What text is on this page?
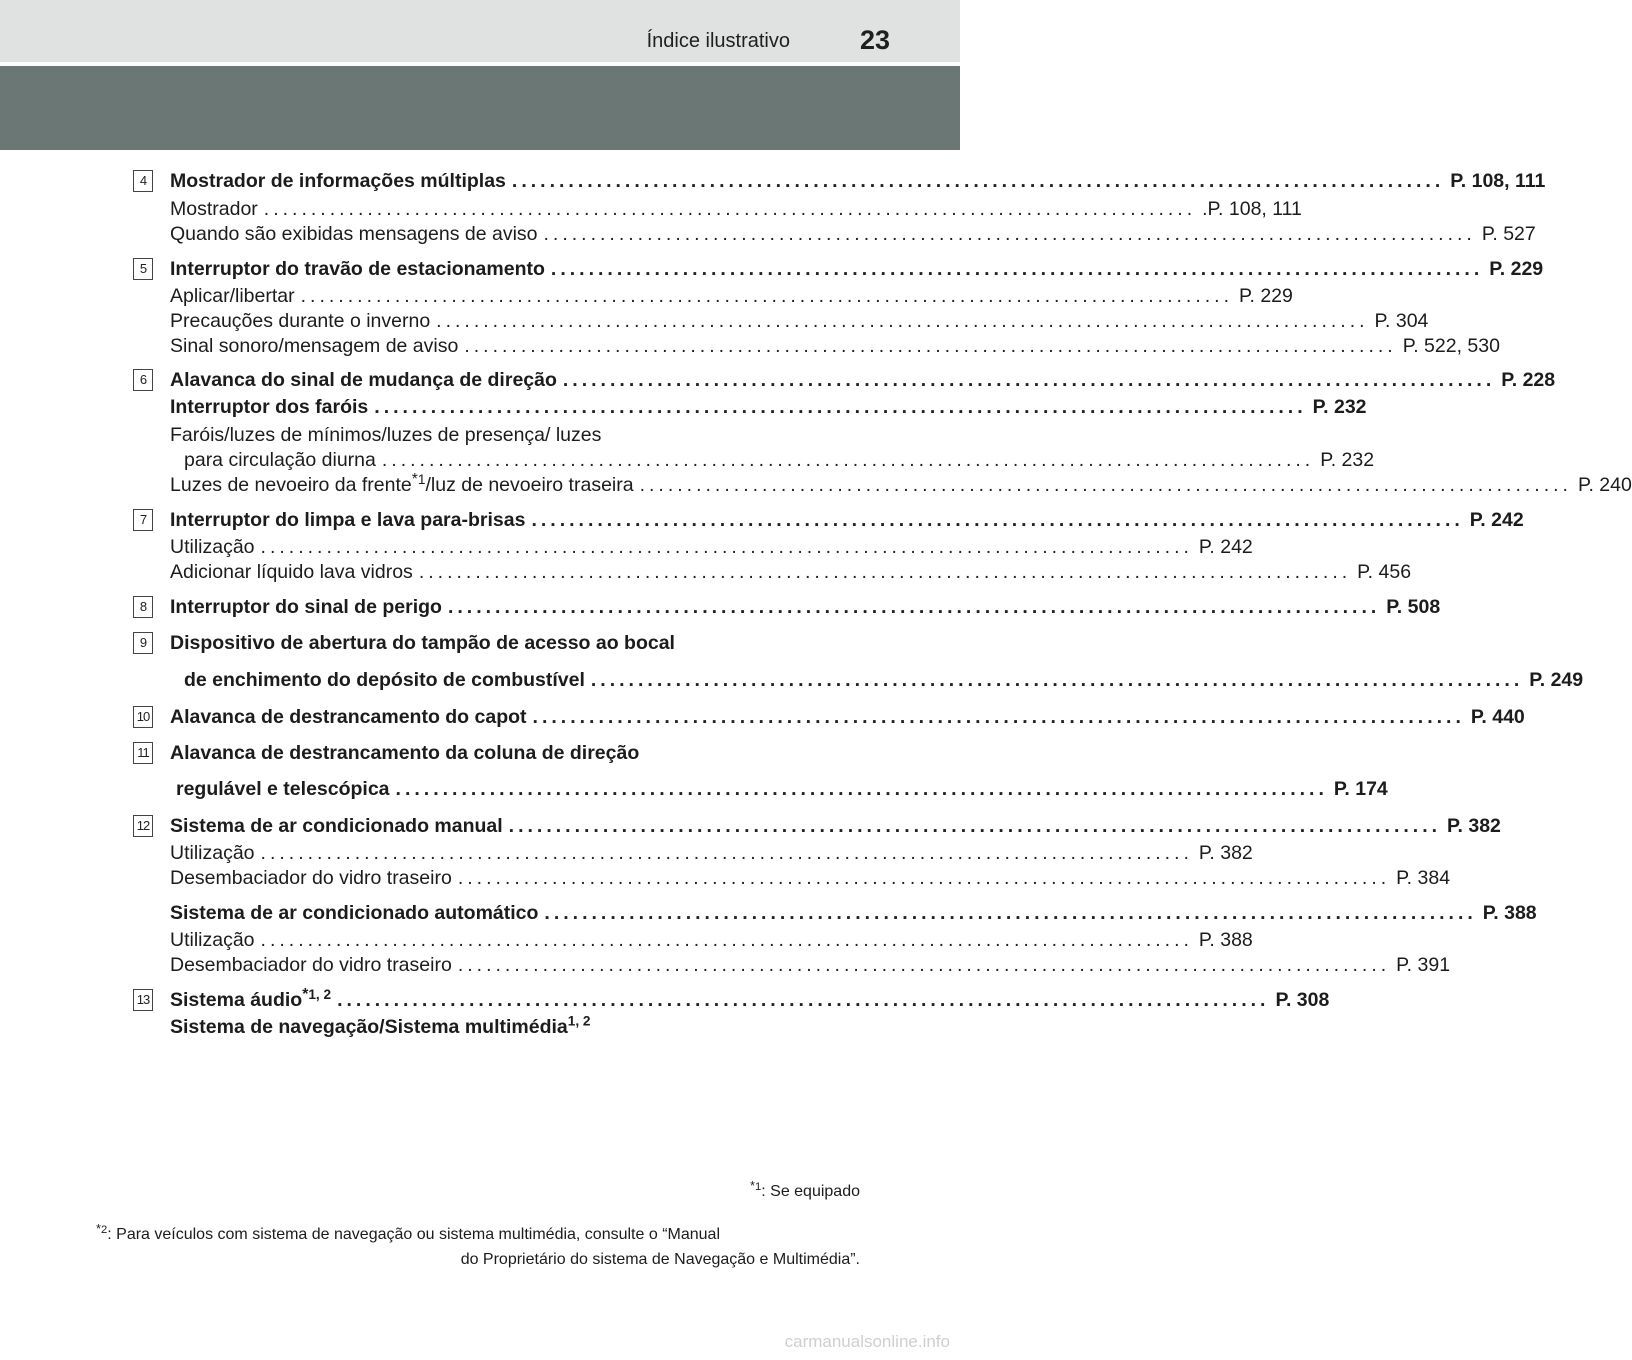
Índice ilustrativo	23
4	Mostrador de informações múltiplas ................................................................................................... P. 108, 111
Mostrador ................................................................................................... .P. 108, 111
Quando são exibidas mensagens de aviso ................................................................................................... P. 527
5	Interruptor do travão de estacionamento ................................................................................................... P. 229
Aplicar/libertar ................................................................................................... P. 229
Precauções durante o inverno ................................................................................................... P. 304
Sinal sonoro/mensagem de aviso ................................................................................................... P. 522, 530
6	Alavanca do sinal de mudança de direção ................................................................................................... P. 228
Interruptor dos faróis ................................................................................................... P. 232
Faróis/luzes de mínimos/luzes de presença/ luzes
para circulação diurna ................................................................................................... P. 232
Luzes de nevoeiro da frente$^{*1}$/luz de nevoeiro traseira ................................................................................................... P. 240
7	Interruptor do limpa e lava para-brisas ................................................................................................... P. 242
Utilização ................................................................................................... P. 242
Adicionar líquido lava vidros ................................................................................................... P. 456
8	Interruptor do sinal de perigo ................................................................................................... P. 508
9	Dispositivo de abertura do tampão de acesso ao bocal
de enchimento do depósito de combustível ................................................................................................... P. 249
10 Alavanca de destrancamento do capot ................................................................................................... P. 440
11 Alavanca de destrancamento da coluna de direção
regulável e telescópica ................................................................................................... P. 174
12 Sistema de ar condicionado manual ................................................................................................... P. 382
Utilização ................................................................................................... P. 382
Desembaciador do vidro traseiro ................................................................................................... P. 384
Sistema de ar condicionado automático ................................................................................................... P. 388
Utilização ................................................................................................... P. 388
Desembaciador do vidro traseiro ................................................................................................... P. 391
13 Sistema áudio$^{*1, 2}$ ................................................................................................... P. 308
Sistema de navegação/Sistema multimédia$^{1, 2}$
$^{*1}$: Se equipado
$^{*2}$: Para veículos com sistema de navegação ou sistema multimédia, consulte o “Manual
do Proprietário do sistema de Navegação e Multimédia”.
carmanualsonline.info
